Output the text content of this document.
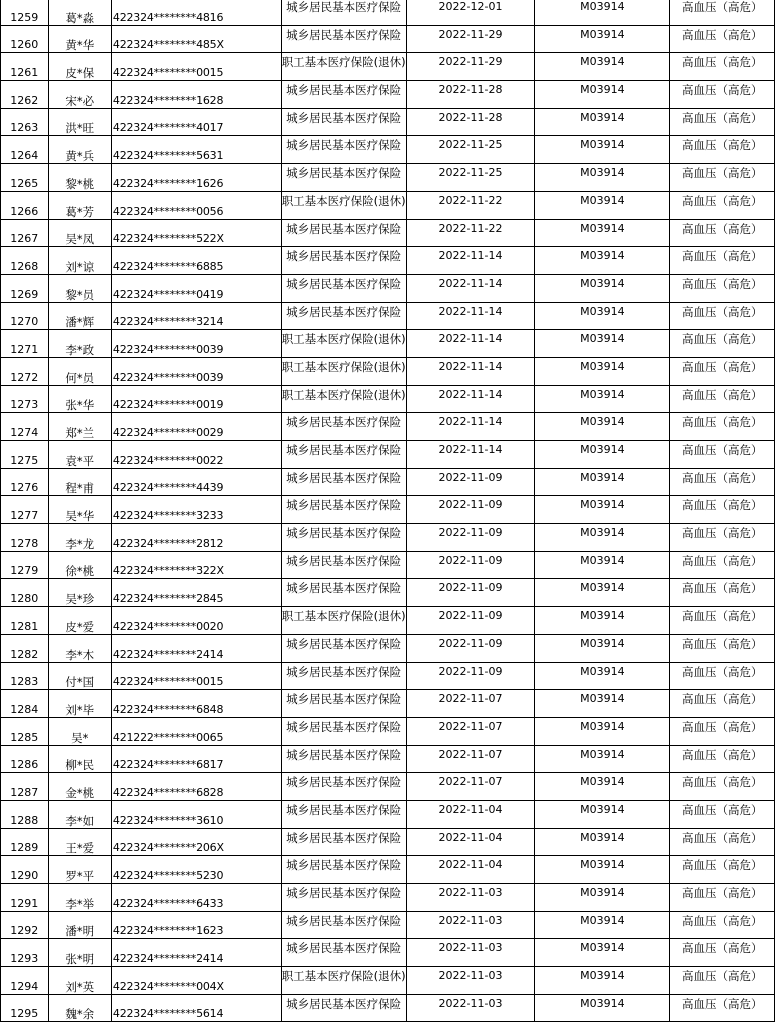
1259	葛*淼	422324********4816	城乡居民基本医疗保险	2022-12-01	M03914	高血压（高危）
1260	黄*华	422324********485X	城乡居民基本医疗保险	2022-11-29	M03914	高血压（高危）
1261	皮*保	422324********0015	职工基本医疗保险(退休)	2022-11-29	M03914	高血压（高危）
1262	宋*必	422324********1628	城乡居民基本医疗保险	2022-11-28	M03914	高血压（高危）
1263	洪*旺	422324********4017	城乡居民基本医疗保险	2022-11-28	M03914	高血压（高危）
1264	黄*兵	422324********5631	城乡居民基本医疗保险	2022-11-25	M03914	高血压（高危）
1265	黎*桃	422324********1626	城乡居民基本医疗保险	2022-11-25	M03914	高血压（高危）
1266	葛*芳	422324********0056	职工基本医疗保险(退休)	2022-11-22	M03914	高血压（高危）
1267	吴*凤	422324********522X	城乡居民基本医疗保险	2022-11-22	M03914	高血压（高危）
1268	刘*谅	422324********6885	城乡居民基本医疗保险	2022-11-14	M03914	高血压（高危）
1269	黎*员	422324********0419	城乡居民基本医疗保险	2022-11-14	M03914	高血压（高危）
1270	潘*辉	422324********3214	城乡居民基本医疗保险	2022-11-14	M03914	高血压（高危）
1271	李*政	422324********0039	职工基本医疗保险(退休)	2022-11-14	M03914	高血压（高危）
1272	何*员	422324********0039	职工基本医疗保险(退休)	2022-11-14	M03914	高血压（高危）
1273	张*华	422324********0019	职工基本医疗保险(退休)	2022-11-14	M03914	高血压（高危）
1274	郑*兰	422324********0029	城乡居民基本医疗保险	2022-11-14	M03914	高血压（高危）
1275	袁*平	422324********0022	城乡居民基本医疗保险	2022-11-14	M03914	高血压（高危）
1276	程*甫	422324********4439	城乡居民基本医疗保险	2022-11-09	M03914	高血压（高危）
1277	吴*华	422324********3233	城乡居民基本医疗保险	2022-11-09	M03914	高血压（高危）
1278	李*龙	422324********2812	城乡居民基本医疗保险	2022-11-09	M03914	高血压（高危）
1279	徐*桃	422324********322X	城乡居民基本医疗保险	2022-11-09	M03914	高血压（高危）
1280	吴*珍	422324********2845	城乡居民基本医疗保险	2022-11-09	M03914	高血压（高危）
1281	皮*爱	422324********0020	职工基本医疗保险(退休)	2022-11-09	M03914	高血压（高危）
1282	李*木	422324********2414	城乡居民基本医疗保险	2022-11-09	M03914	高血压（高危）
1283	付*国	422324********0015	城乡居民基本医疗保险	2022-11-09	M03914	高血压（高危）
1284	刘*毕	422324********6848	城乡居民基本医疗保险	2022-11-07	M03914	高血压（高危）
1285	吴*	421222********0065	城乡居民基本医疗保险	2022-11-07	M03914	高血压（高危）
1286	柳*民	422324********6817	城乡居民基本医疗保险	2022-11-07	M03914	高血压（高危）
1287	金*桃	422324********6828	城乡居民基本医疗保险	2022-11-07	M03914	高血压（高危）
1288	李*如	422324********3610	城乡居民基本医疗保险	2022-11-04	M03914	高血压（高危）
1289	王*爱	422324********206X	城乡居民基本医疗保险	2022-11-04	M03914	高血压（高危）
1290	罗*平	422324********5230	城乡居民基本医疗保险	2022-11-04	M03914	高血压（高危）
1291	李*举	422324********6433	城乡居民基本医疗保险	2022-11-03	M03914	高血压（高危）
1292	潘*明	422324********1623	城乡居民基本医疗保险	2022-11-03	M03914	高血压（高危）
1293	张*明	422324********2414	城乡居民基本医疗保险	2022-11-03	M03914	高血压（高危）
1294	刘*英	422324********004X	职工基本医疗保险(退休)	2022-11-03	M03914	高血压（高危）
1295	魏*余	422324********5614	城乡居民基本医疗保险	2022-11-03	M03914	高血压（高危）
